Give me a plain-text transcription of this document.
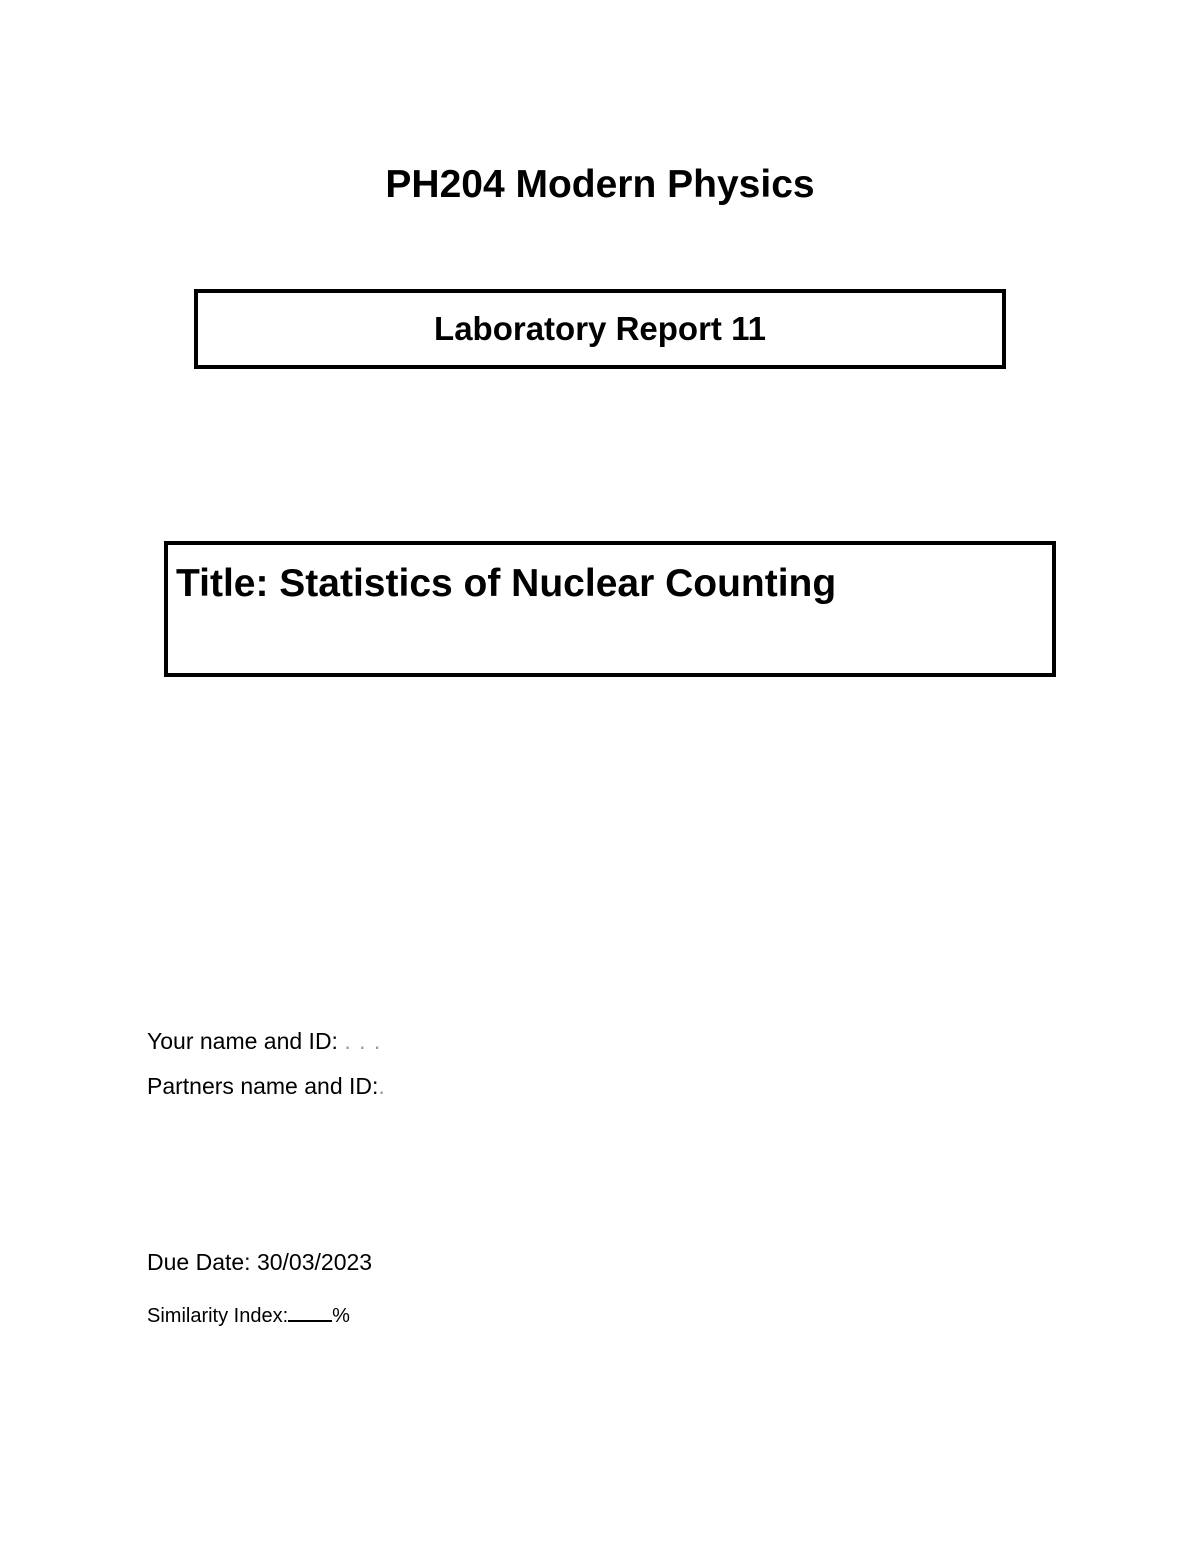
PH204 Modern Physics
Laboratory Report 11
Title: Statistics of Nuclear Counting
Your name and ID: . . .
Partners name and ID:.
Due Date: 30/03/2023
Similarity Index: %
